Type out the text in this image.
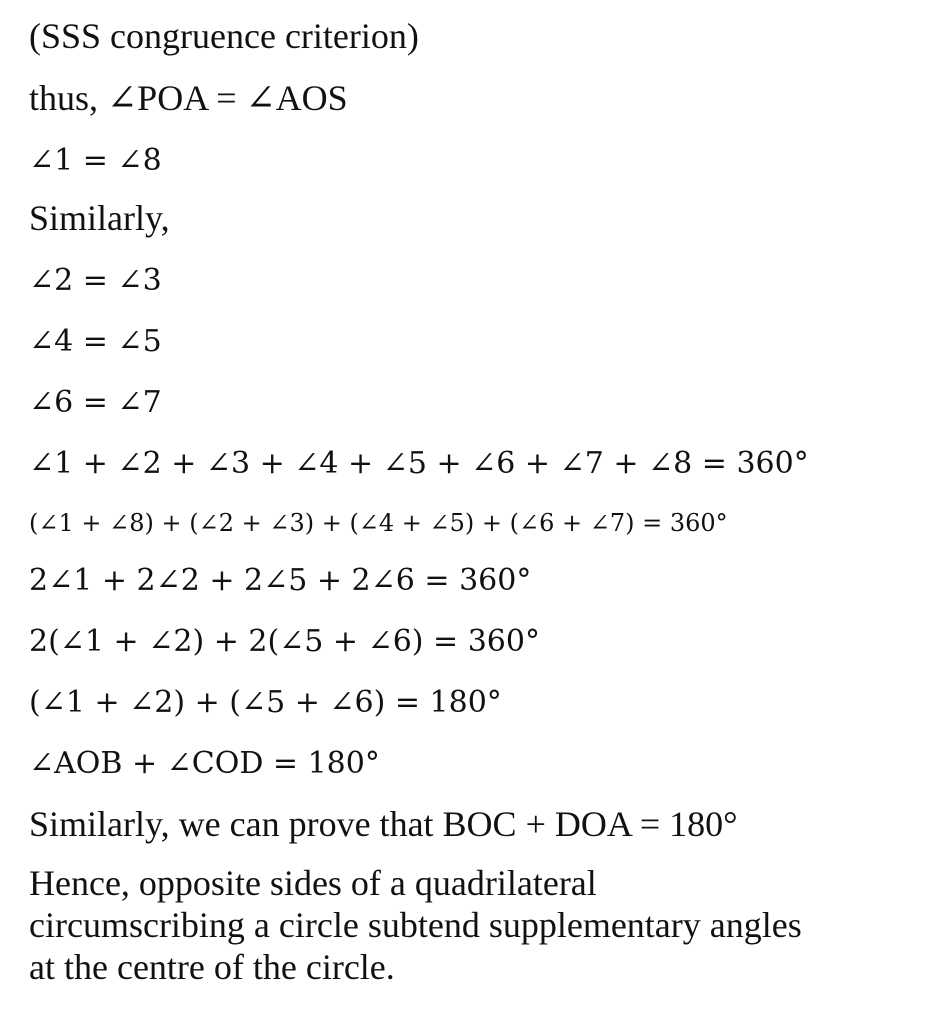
(SSS congruence criterion)
thus, ∠POA = ∠AOS
∠1 = ∠8
Similarly,
∠2 = ∠3
∠4 = ∠5
∠6 = ∠7
∠1 + ∠2 + ∠3 + ∠4 + ∠5 + ∠6 + ∠7 + ∠8 = 360°
(∠1 + ∠8) + (∠2 + ∠3) + (∠4 + ∠5) + (∠6 + ∠7) = 360°
2∠1 + 2∠2 + 2∠5 + 2∠6 = 360°
2(∠1 + ∠2) + 2(∠5 + ∠6) = 360°
(∠1 + ∠2) + (∠5 + ∠6) = 180°
∠AOB + ∠COD = 180°
Similarly, we can prove that BOC + DOA = 180°
Hence, opposite sides of a quadrilateral
circumscribing a circle subtend supplementary angles
at the centre of the circle.
